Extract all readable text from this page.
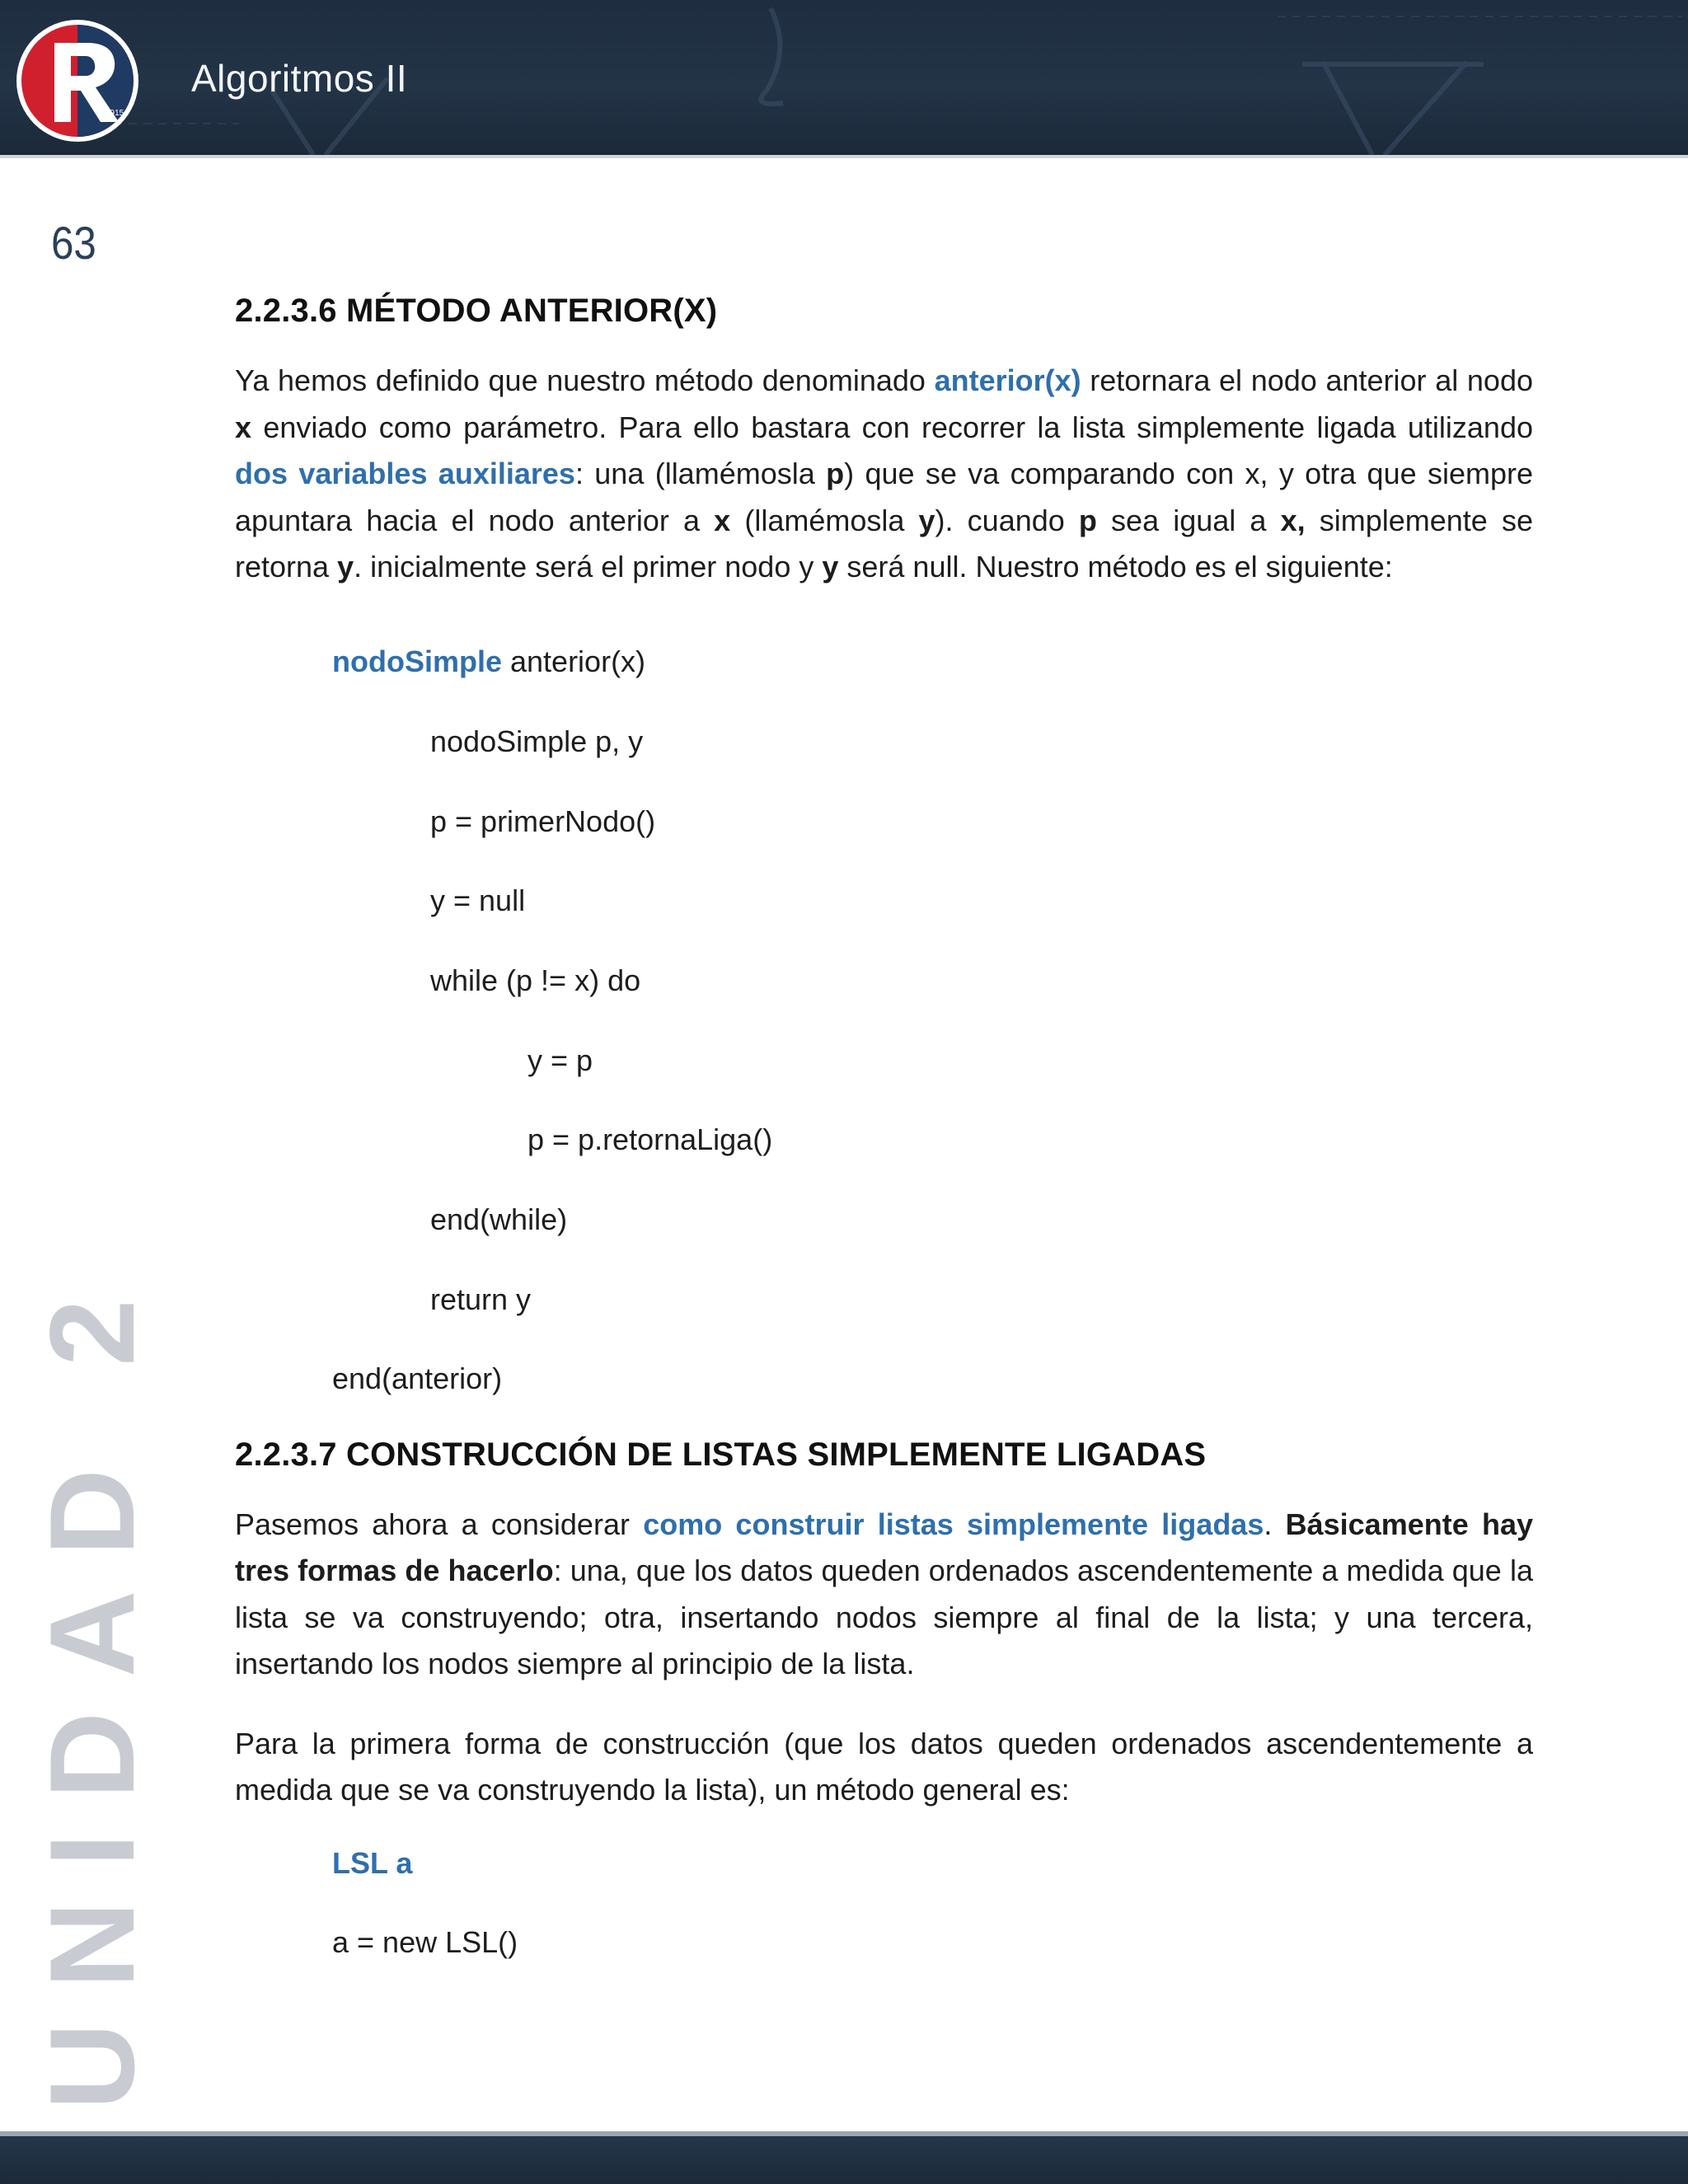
1915
Algoritmos II
63
UNIDAD 2
2.2.3.6 MÉTODO ANTERIOR(X)

Ya hemos definido que nuestro método denominado anterior(x) retornara el nodo anterior al nodo x enviado como parámetro. Para ello bastara con recorrer la lista simplemente ligada utilizando dos variables auxiliares: una (llamémosla p) que se va comparando con x, y otra que siempre apuntara hacia el nodo anterior a x (llamémosla y). cuando p sea igual a x, simplemente se retorna y. inicialmente será el primer nodo y y será null. Nuestro método es el siguiente:

nodoSimple anterior(x)
nodoSimple p, y
p = primerNodo()
y = null
while (p != x) do
y = p
p = p.retornaLiga()
end(while)
return y
end(anterior)
2.2.3.7 CONSTRUCCIÓN DE LISTAS SIMPLEMENTE LIGADAS

Pasemos ahora a considerar como construir listas simplemente ligadas. Básicamente hay tres formas de hacerlo: una, que los datos queden ordenados ascendentemente a medida que la lista se va construyendo; otra, insertando nodos siempre al final de la lista; y una tercera, insertando los nodos siempre al principio de la lista.

Para la primera forma de construcción (que los datos queden ordenados ascendentemente a medida que se va construyendo la lista), un método general es:

LSL a
a = new LSL()
